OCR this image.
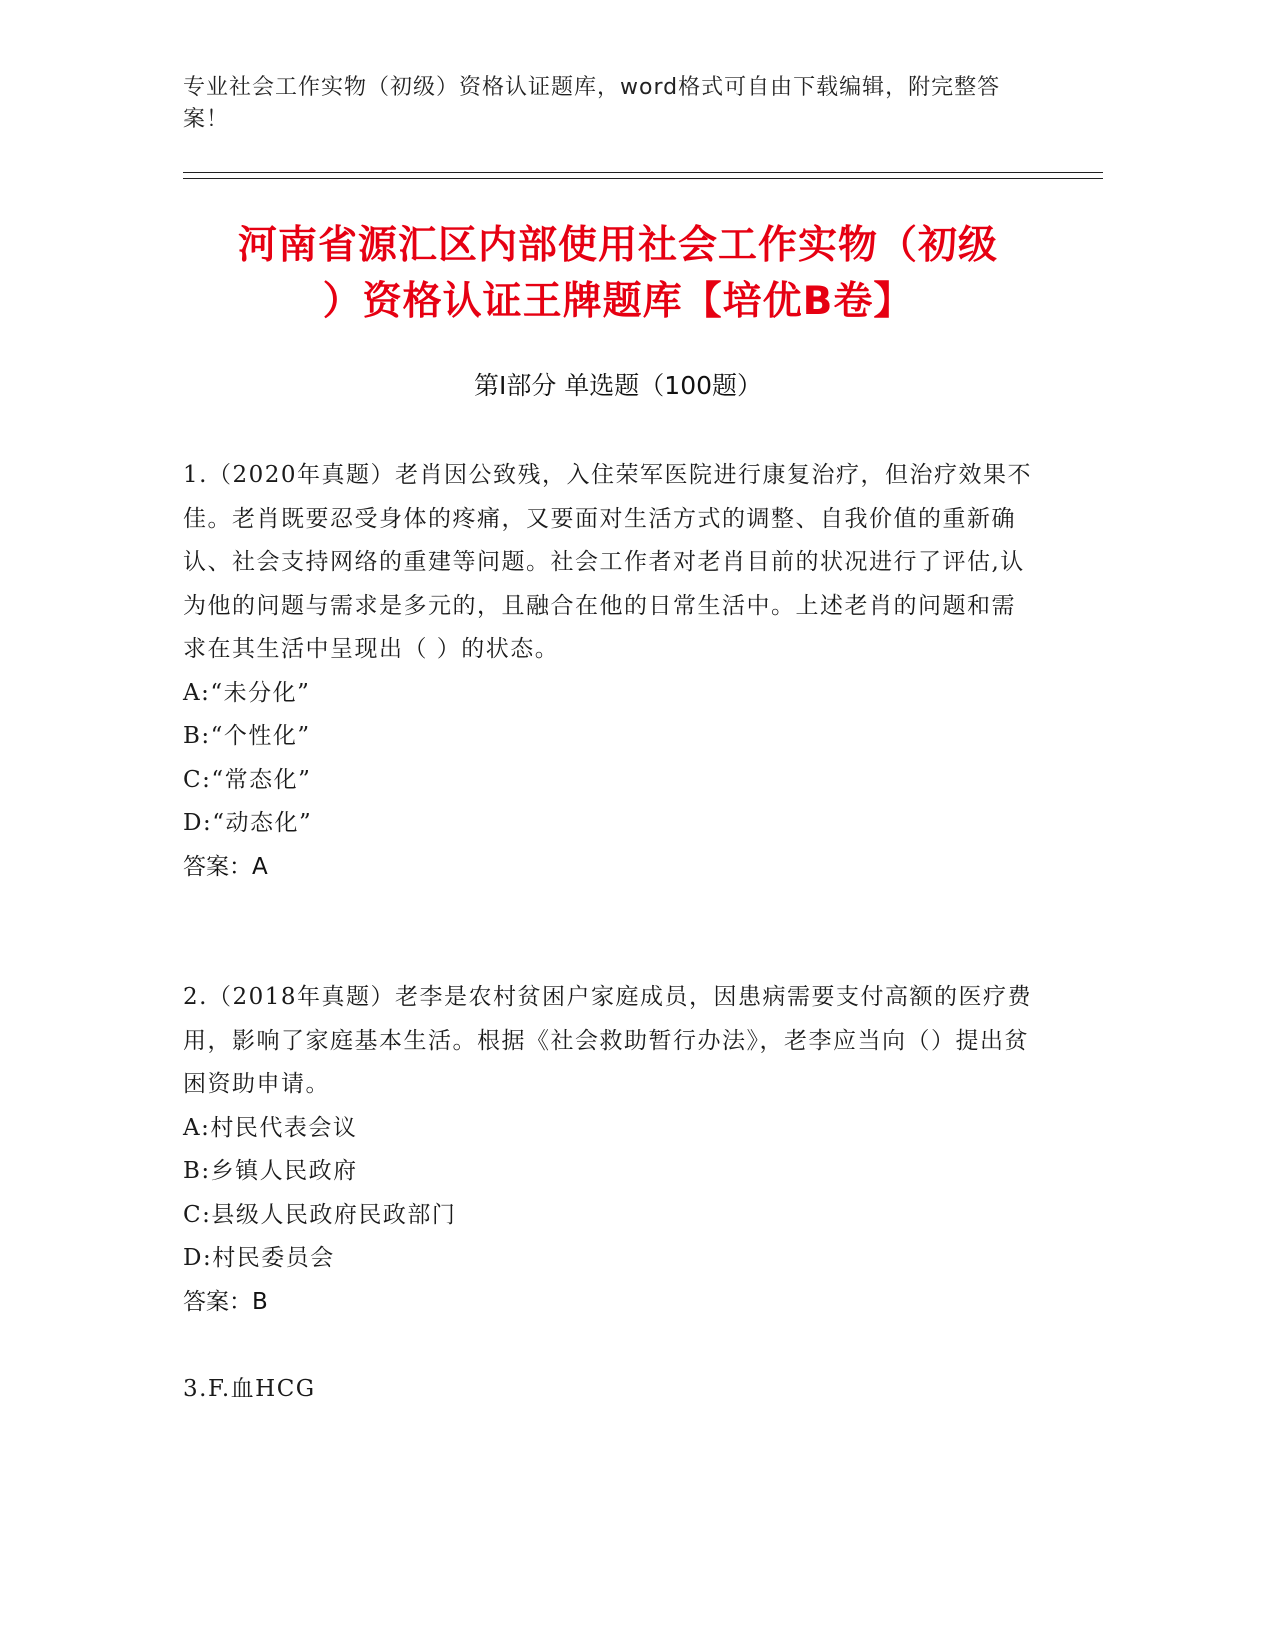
专业社会工作实物（初级）资格认证题库，word格式可自由下载编辑，附完整答案！
河南省源汇区内部使用社会工作实物（初级
）资格认证王牌题库【培优B卷】
第I部分 单选题（100题）

1.（2020年真题）老肖因公致残，入住荣军医院进行康复治疗，但治疗效果不佳。老肖既要忍受身体的疼痛，又要面对生活方式的调整、自我价值的重新确认、社会支持网络的重建等问题。社会工作者对老肖目前的状况进行了评估,认为他的问题与需求是多元的，且融合在他的日常生活中。上述老肖的问题和需求在其生活中呈现出（ ）的状态。

A:“未分化”

B:“个性化”

C:“常态化”

D:“动态化”

答案：A

2.（2018年真题）老李是农村贫困户家庭成员，因患病需要支付高额的医疗费用，影响了家庭基本生活。根据《社会救助暂行办法》，老李应当向（）提出贫困资助申请。

A:村民代表会议

B:乡镇人民政府

C:县级人民政府民政部门

D:村民委员会

答案：B

3.F.血HCG
